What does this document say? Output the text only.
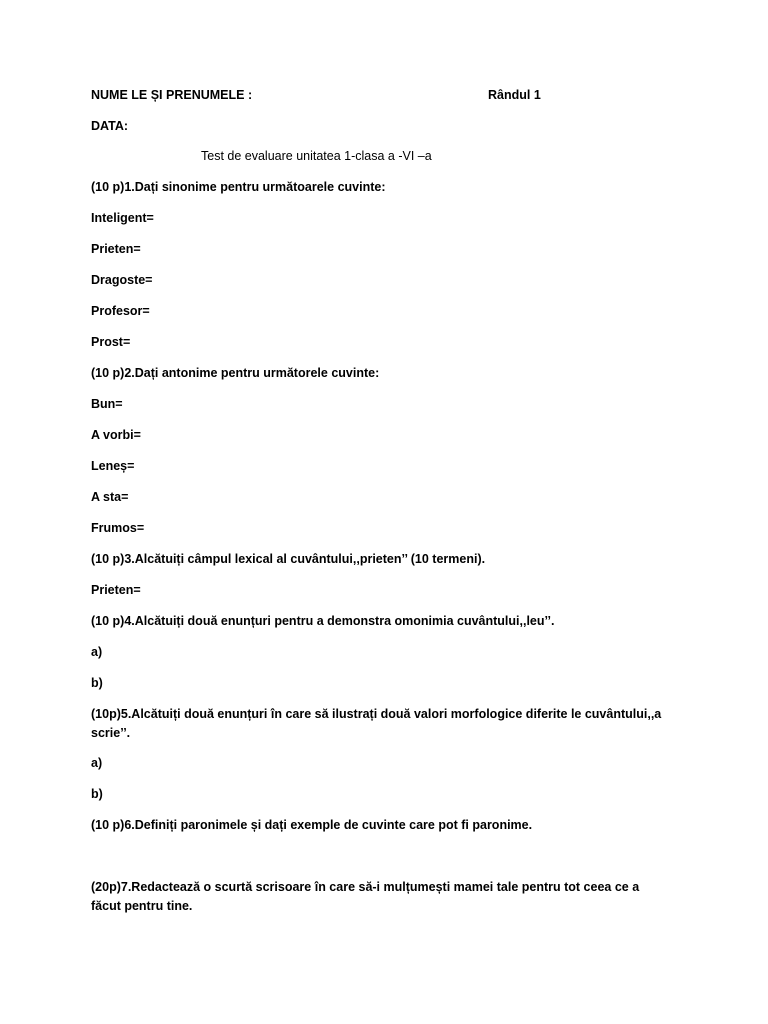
NUME LE ȘI PRENUMELE :	Rândul 1
DATA:
Test de evaluare unitatea 1-clasa a -VI –a
(10 p)1.Dați sinonime pentru următoarele cuvinte:
Inteligent=
Prieten=
Dragoste=
Profesor=
Prost=
(10 p)2.Dați antonime pentru următorele cuvinte:
Bun=
A vorbi=
Leneș=
A sta=
Frumos=
(10 p)3.Alcătuiți câmpul lexical al cuvântului,,prieten’’ (10 termeni).
Prieten=
(10 p)4.Alcătuiți două enunțuri pentru a demonstra omonimia cuvântului,,leu’’.
a)
b)
(10p)5.Alcătuiți două enunțuri în care să ilustrați două valori morfologice diferite le cuvântului,,a scrie’’.
a)
b)
(10 p)6.Definiți paronimele și dați exemple de cuvinte care pot fi paronime.
(20p)7.Redactează o scurtă scrisoare în care să-i mulțumești mamei tale pentru tot ceea ce a făcut pentru tine.
